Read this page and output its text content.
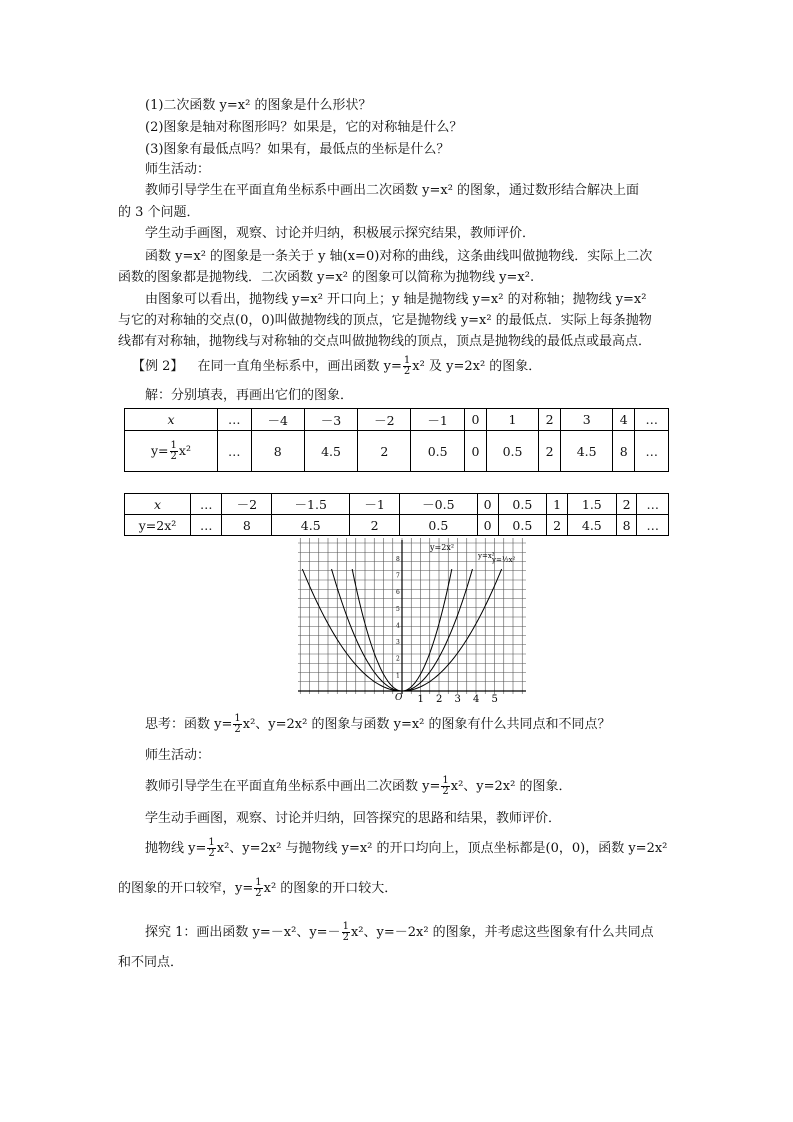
(1)二次函数 y=x² 的图象是什么形状？
(2)图象是轴对称图形吗？如果是，它的对称轴是什么？
(3)图象有最低点吗？如果有，最低点的坐标是什么？
师生活动：
教师引导学生在平面直角坐标系中画出二次函数 y=x² 的图象，通过数形结合解决上面
的 3 个问题．
学生动手画图，观察、讨论并归纳，积极展示探究结果，教师评价．
函数 y=x² 的图象是一条关于 y 轴(x=0)对称的曲线，这条曲线叫做抛物线．实际上二次
函数的图象都是抛物线．二次函数 y=x² 的图象可以简称为抛物线 y=x².
由图象可以看出，抛物线 y=x² 开口向上；y 轴是抛物线 y=x² 的对称轴；抛物线 y=x²
与它的对称轴的交点(0，0)叫做抛物线的顶点，它是抛物线 y=x² 的最低点．实际上每条抛物
线都有对称轴，抛物线与对称轴的交点叫做抛物线的顶点，顶点是抛物线的最低点或最高点．
【例 2】 在同一直角坐标系中，画出函数 $y= \frac{1}{2} x^2$ 及 y=2x² 的图象．
解：分别填表，再画出它们的图象．
x	…	－4	－3	－2	－1	0	1	2	3	4	…
$y= \frac{1}{2} x^2$	…	8	4.5	2	0.5	0	0.5	2	4.5	8	…
x	…	－2	－1.5	－1	－0.5	0	0.5	1	1.5	2	…
y=2x²	…	8	4.5	2	0.5	0	0.5	2	4.5	8	…
y=2x²
y=x²
y=½x²
O 1 2 3 4 5
1
2
3
4
5
6
7
8
思考：函数 $y= \frac{1}{2} x^2$、y=2x² 的图象与函数 y=x² 的图象有什么共同点和不同点？
师生活动：
教师引导学生在平面直角坐标系中画出二次函数 $y= \frac{1}{2} x^2$、y=2x² 的图象．
学生动手画图，观察、讨论并归纳，回答探究的思路和结果，教师评价．
抛物线 $y= \frac{1}{2} x^2$、y=2x² 与抛物线 y=x² 的开口均向上，顶点坐标都是(0，0)，函数 y=2x²
的图象的开口较窄，$y= \frac{1}{2} x^2$ 的图象的开口较大．
探究 1：画出函数 y=－x²、$y=- \frac{1}{2} x^2$、y=－2x² 的图象，并考虑这些图象有什么共同点
和不同点．
